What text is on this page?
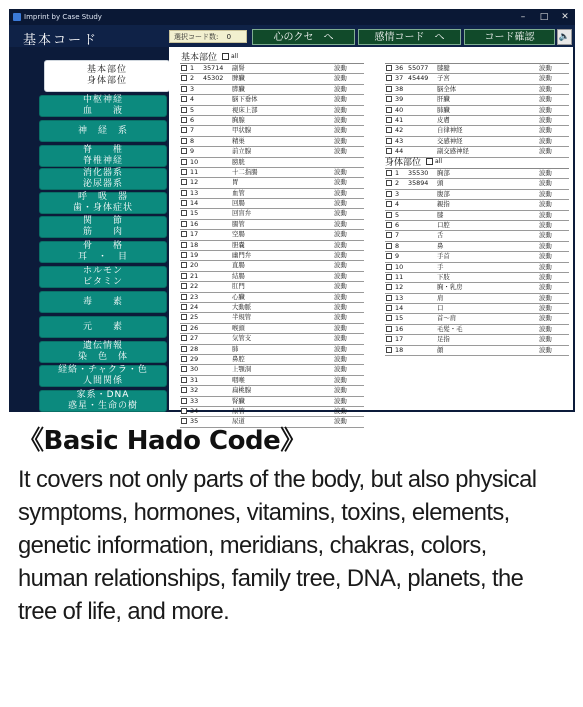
Imprint by Case Study	–	□	✕
基本コード	選択コード数: 0	心のクセ　へ	感情コード　へ	コード確認	🔈
基本部位
身体部位
中枢神経
血　　液
神　経　系
脊　　椎
脊椎神経
消化器系
泌尿器系
呼　吸　器
歯・身体症状
関　　節
筋　　肉
骨　　格
耳　・　目
ホルモン
ビタミン
毒　　素
元　　素
遺伝情報
染　色　体
経絡・チャクラ・色
人間関係
家系・DNA
惑星・生命の樹
基本部位 all
1	35714	副腎	波動
2	45302	脾臓	波動
3	膵臓	波動
4	脳下垂体	波動
5	視床上部	波動
6	胸腺	波動
7	甲状腺	波動
8	精巣	波動
9	前立腺	波動
10	膀胱
11	十二指腸	波動
12	胃	波動
13	血管	波動
14	回腸	波動
15	回盲弁	波動
16	腸管	波動
17	空腸	波動
18	胆嚢	波動
19	幽門弁	波動
20	直腸	波動
21	結腸	波動
22	肛門	波動
23	心臓	波動
24	大動脈	波動
25	半規管	波動
26	喉頭	波動
27	気管支	波動
28	肺	波動
29	鼻腔	波動
30	上顎洞	波動
31	咽喉	波動
32	扁桃腺	波動
33	腎臓	波動
34	尿管	波動
35	尿道	波動
36 55077	膝腱	波動
37 45449	子宮	波動
38	脳全体	波動
39	肝臓	波動
40	肺臓	波動
41	皮膚	波動
42	自律神経	波動
43	交感神経	波動
44	副交感神経	波動
身体部位 all
1	35530	胸部	波動
2	35894	頭	波動
3	腹部	波動
4	親指	波動
5	膝	波動
6	口腔	波動
7	舌	波動
8	鼻	波動
9	手首	波動
10	手	波動
11	下肢	波動
12	胸・乳房	波動
13	肩	波動
14	口	波動
15	首〜肩	波動
16	毛髪・毛	波動
17	足指	波動
18	顔	波動
《Basic Hado Code》
It covers not only parts of the body, but also physical symptoms, hormones, vitamins, toxins, elements, genetic information, meridians, chakras, colors, human relationships, family tree, DNA, planets, the tree of life, and more.
